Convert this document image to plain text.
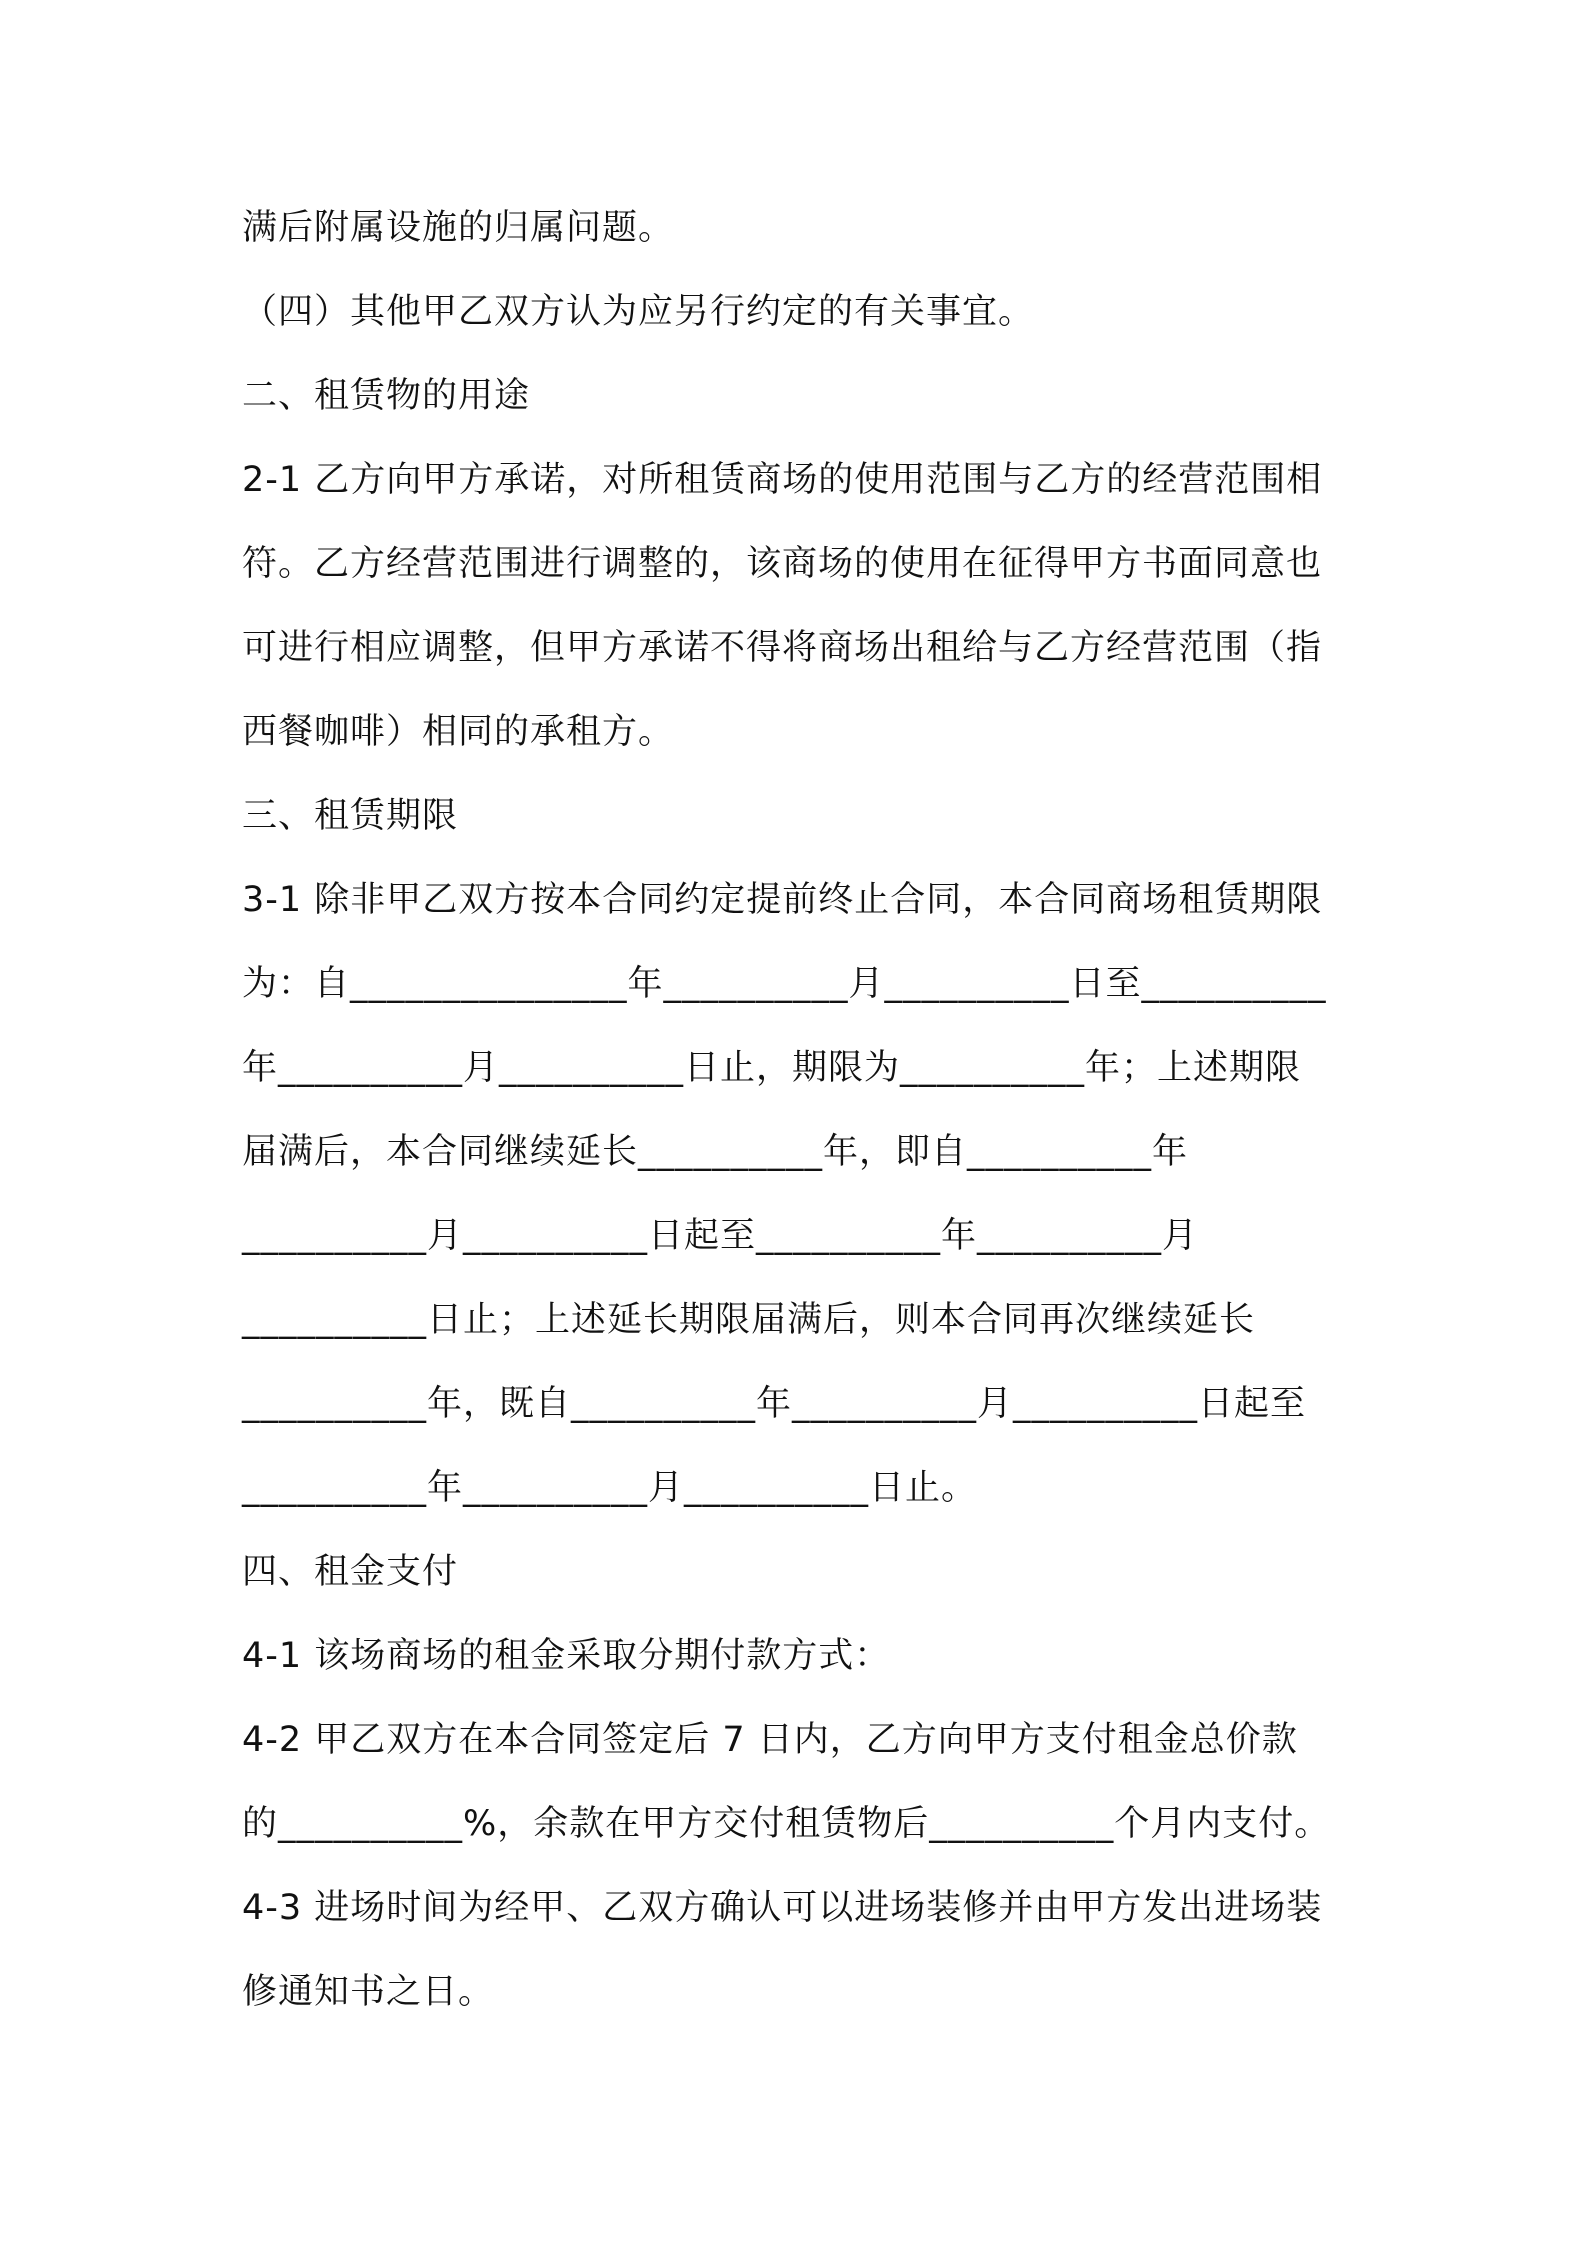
满后附属设施的归属问题。
（四）其他甲乙双方认为应另行约定的有关事宜。
二、租赁物的用途
2-1 乙方向甲方承诺，对所租赁商场的使用范围与乙方的经营范围相
符。乙方经营范围进行调整的，该商场的使用在征得甲方书面同意也
可进行相应调整，但甲方承诺不得将商场出租给与乙方经营范围（指
西餐咖啡）相同的承租方。
三、租赁期限
3-1 除非甲乙双方按本合同约定提前终止合同，本合同商场租赁期限
为：自_______________年__________月__________日至__________
年__________月__________日止，期限为__________年；上述期限
届满后，本合同继续延长__________年，即自__________年
__________月__________日起至__________年__________月
__________日止；上述延长期限届满后，则本合同再次继续延长
__________年，既自__________年__________月__________日起至
__________年__________月__________日止。
四、租金支付
4-1 该场商场的租金采取分期付款方式：
4-2 甲乙双方在本合同签定后 7 日内，乙方向甲方支付租金总价款
的__________%，余款在甲方交付租赁物后__________个月内支付。
4-3 进场时间为经甲、乙双方确认可以进场装修并由甲方发出进场装
修通知书之日。
